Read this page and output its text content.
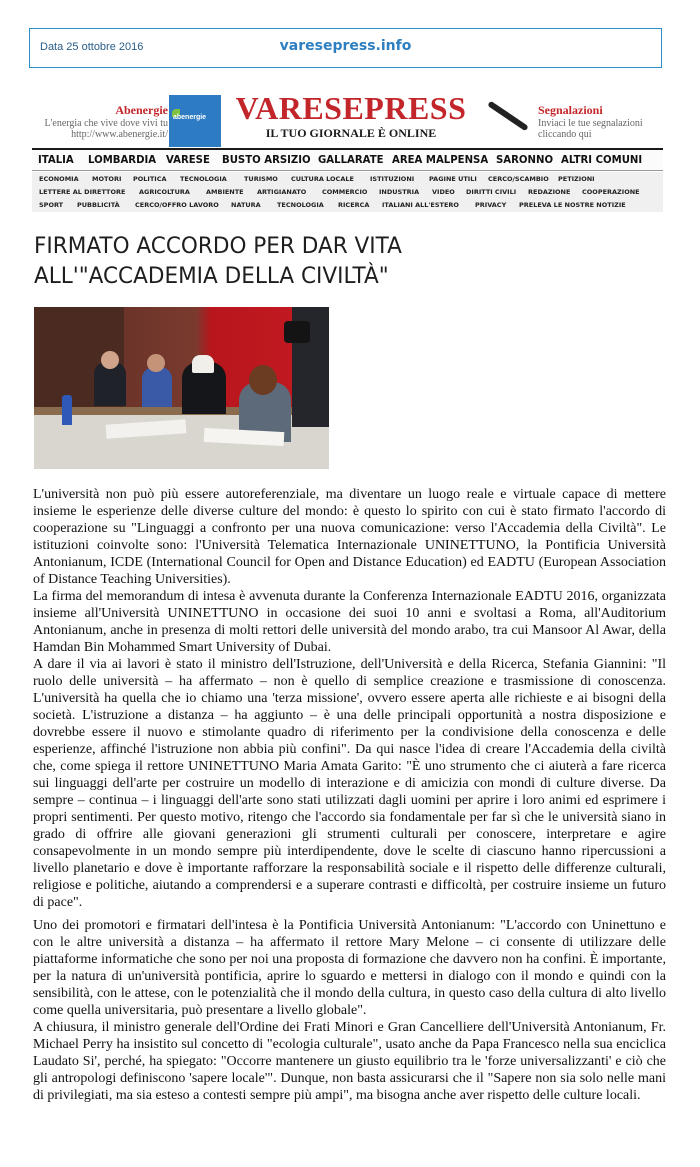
Data 25 ottobre 2016	varesepress.info
Abenergie
L'energia che vive dove vivi tu
http://www.abenergie.it/
abenergie VARESEPRESS
IL TUO GIORNALE È ONLINE
Segnalazioni
Inviaci le tue segnalazioni
cliccando qui
ITALIA LOMBARDIA VARESE BUSTO ARSIZIO GALLARATE AREA MALPENSA SARONNO ALTRI COMUNI
ECONOMIA MOTORI POLITICA TECNOLOGIA	TURISMO CULTURA LOCALE ISTITUZIONI PAGINE UTILI CERCO/SCAMBIO PETIZIONI
LETTERE AL DIRETTORE AGRICOLTURA AMBIENTE ARTIGIANATO COMMERCIO INDUSTRIA VIDEO DIRITTI CIVILI REDAZIONE COOPERAZIONE
SPORT PUBBLICITÀ CERCO/OFFRO LAVORO NATURA	TECNOLOGIA RICERCA ITALIANI ALL'ESTERO PRIVACY PRELEVA LE NOSTRE NOTIZIE
FIRMATO ACCORDO PER DAR VITA
ALL'"ACCADEMIA DELLA CIVILTÀ"

L'università non può più essere autoreferenziale, ma diventare un luogo reale e virtuale capace di mettere insieme le esperienze delle diverse culture del mondo: è questo lo spirito con cui è stato firmato l'accordo di cooperazione su "Linguaggi a confronto per una nuova comunicazione: verso l'Accademia della Civiltà". Le istituzioni coinvolte sono: l'Università Telematica Internazionale UNINETTUNO, la Pontificia Università Antonianum, ICDE (International Council for Open and Distance Education) ed EADTU (European Association of Distance Teaching Universities).

La firma del memorandum di intesa è avvenuta durante la Conferenza Internazionale EADTU 2016, organizzata insieme all'Università UNINETTUNO in occasione dei suoi 10 anni e svoltasi a Roma, all'Auditorium Antonianum, anche in presenza di molti rettori delle università del mondo arabo, tra cui Mansoor Al Awar, della Hamdan Bin Mohammed Smart University of Dubai.

A dare il via ai lavori è stato il ministro dell'Istruzione, dell'Università e della Ricerca, Stefania Giannini: "Il ruolo delle università – ha affermato – non è quello di semplice creazione e trasmissione di conoscenza. L'università ha quella che io chiamo una 'terza missione', ovvero essere aperta alle richieste e ai bisogni della società. L'istruzione a distanza – ha aggiunto – è una delle principali opportunità a nostra disposizione e dovrebbe essere il nuovo e stimolante quadro di riferimento per la condivisione della conoscenza e delle esperienze, affinché l'istruzione non abbia più confini". Da qui nasce l'idea di creare l'Accademia della civiltà che, come spiega il rettore UNINETTUNO Maria Amata Garito: "È uno strumento che ci aiuterà a fare ricerca sui linguaggi dell'arte per costruire un modello di interazione e di amicizia con mondi di culture diverse. Da sempre – continua – i linguaggi dell'arte sono stati utilizzati dagli uomini per aprire i loro animi ed esprimere i propri sentimenti. Per questo motivo, ritengo che l'accordo sia fondamentale per far sì che le università siano in grado di offrire alle giovani generazioni gli strumenti culturali per conoscere, interpretare e agire consapevolmente in un mondo sempre più interdipendente, dove le scelte di ciascuno hanno ripercussioni a livello planetario e dove è importante rafforzare la responsabilità sociale e il rispetto delle differenze culturali, religiose e politiche, aiutando a comprendersi e a superare contrasti e difficoltà, per costruire insieme un futuro di pace".

Uno dei promotori e firmatari dell'intesa è la Pontificia Università Antonianum: "L'accordo con Uninettuno e con le altre università a distanza – ha affermato il rettore Mary Melone – ci consente di utilizzare delle piattaforme informatiche che sono per noi una proposta di formazione che davvero non ha confini. È importante, per la natura di un'università pontificia, aprire lo sguardo e mettersi in dialogo con il mondo e quindi con la sensibilità, con le attese, con le potenzialità che il mondo della cultura, in questo caso della cultura di alto livello come quella universitaria, può presentare a livello globale".

A chiusura, il ministro generale dell'Ordine dei Frati Minori e Gran Cancelliere dell'Università Antonianum, Fr. Michael Perry ha insistito sul concetto di "ecologia culturale", usato anche da Papa Francesco nella sua enciclica Laudato Si', perché, ha spiegato: "Occorre mantenere un giusto equilibrio tra le 'forze universalizzanti' e ciò che gli antropologi definiscono 'sapere locale'". Dunque, non basta assicurarsi che il "Sapere non sia solo nelle mani di privilegiati, ma sia esteso a contesti sempre più ampi", ma bisogna anche aver rispetto delle culture locali.
